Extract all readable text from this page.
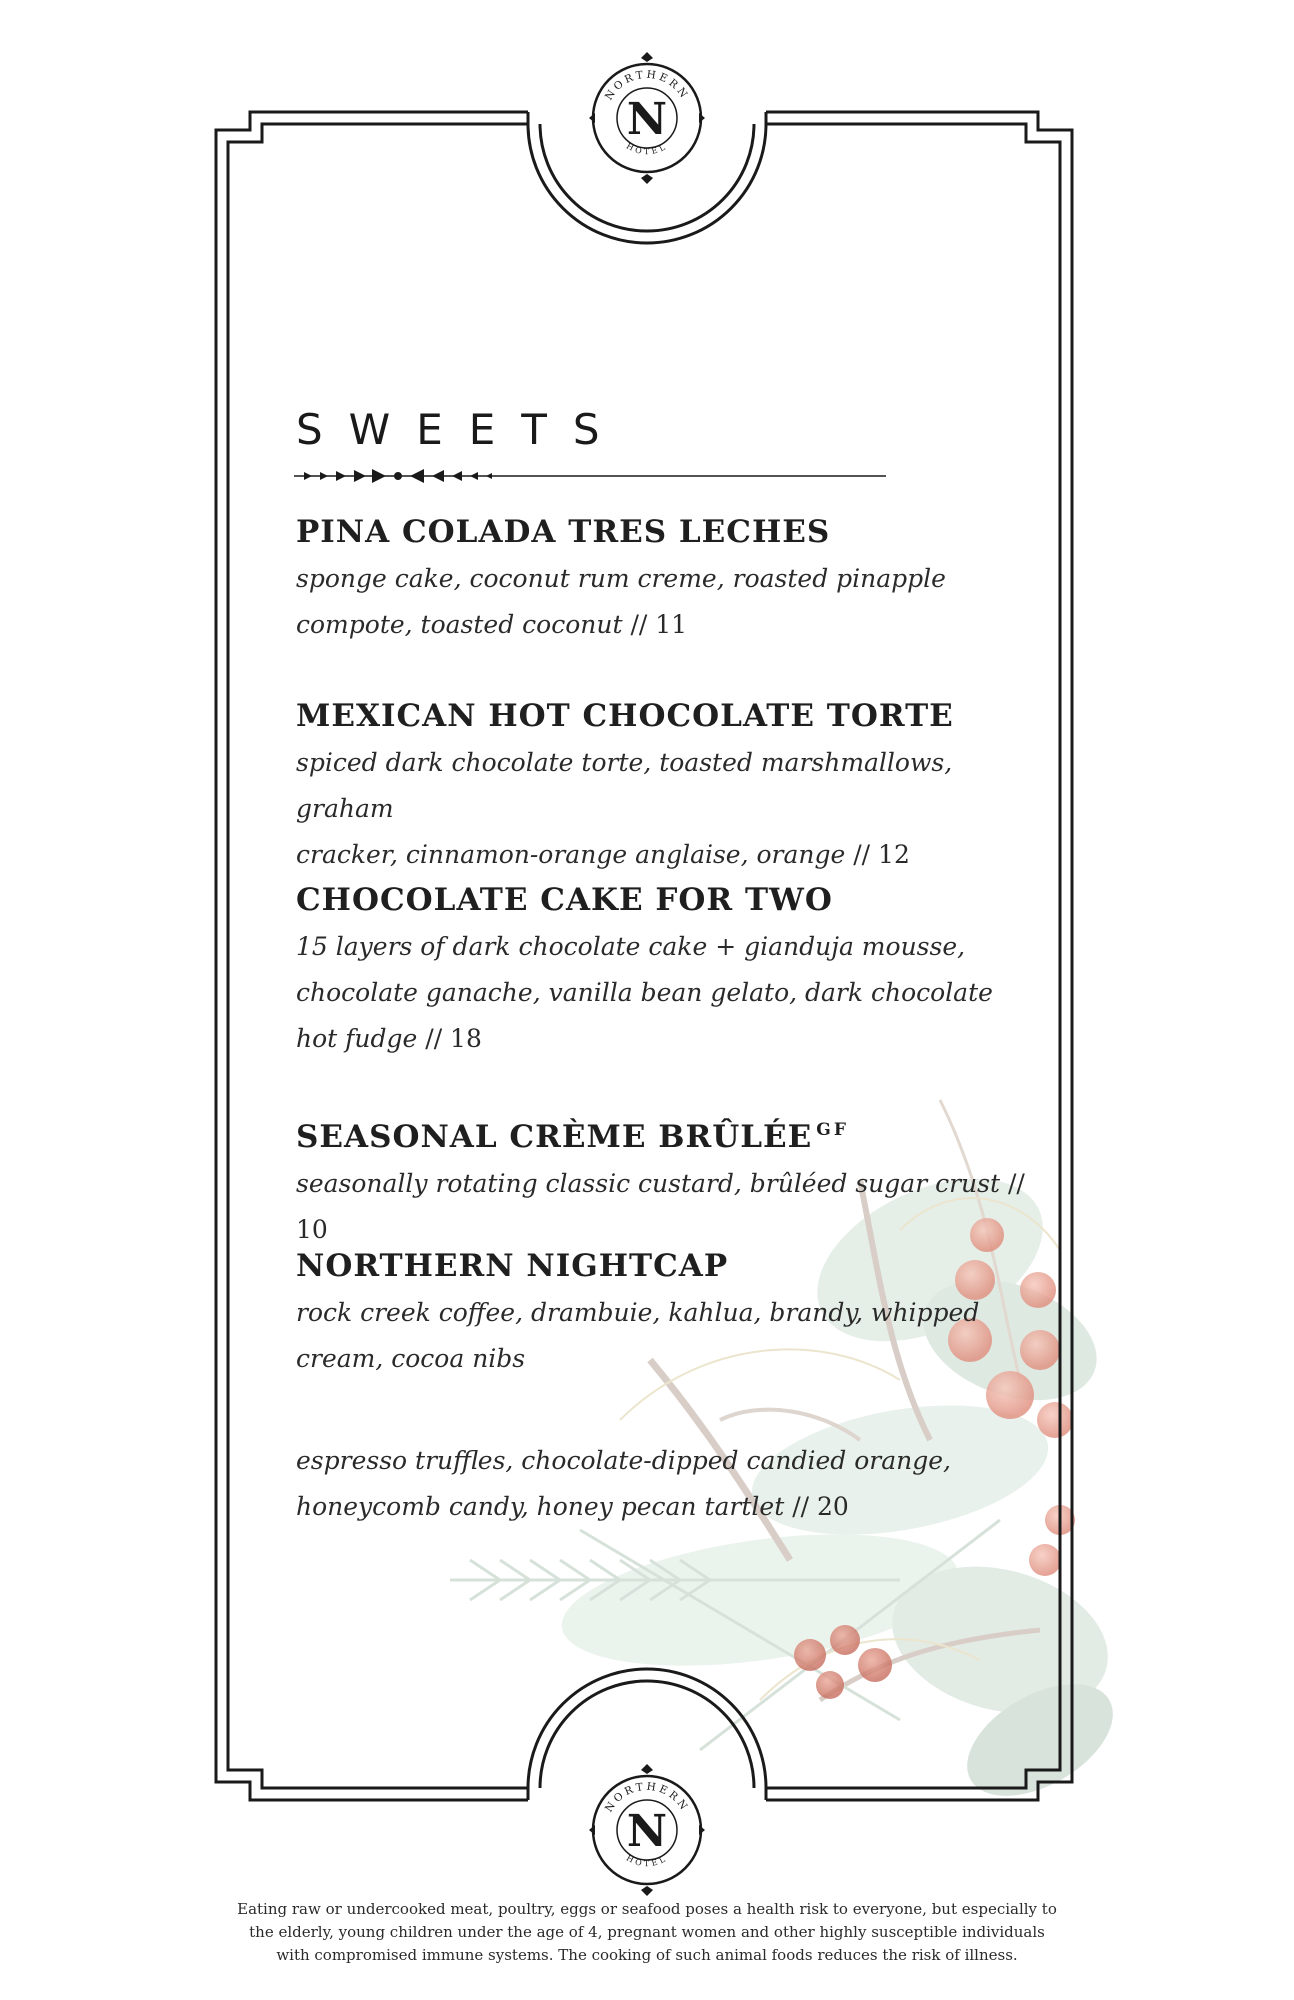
NORTHERN
HOTEL
N
NORTHERN
HOTEL
N
SWEETS
PINA COLADA TRES LECHES
sponge cake, coconut rum creme, roasted pinapple
compote, toasted coconut // 11
MEXICAN HOT CHOCOLATE TORTE
spiced dark chocolate torte, toasted marshmallows, graham
cracker, cinnamon-orange anglaise, orange // 12
CHOCOLATE CAKE FOR TWO
15 layers of dark chocolate cake + gianduja mousse,
chocolate ganache, vanilla bean gelato, dark chocolate
hot fudge // 18
SEASONAL CRÈME BRÛLÉE $^{GF}$
seasonally rotating classic custard, brûléed sugar crust // 10
NORTHERN NIGHTCAP
rock creek coffee, drambuie, kahlua, brandy, whipped
cream, cocoa nibs
espresso truffles, chocolate-dipped candied orange,
honeycomb candy, honey pecan tartlet // 20
Eating raw or undercooked meat, poultry, eggs or seafood poses a health risk to everyone, but especially to
the elderly, young children under the age of 4, pregnant women and other highly susceptible individuals
with compromised immune systems. The cooking of such animal foods reduces the risk of illness.
